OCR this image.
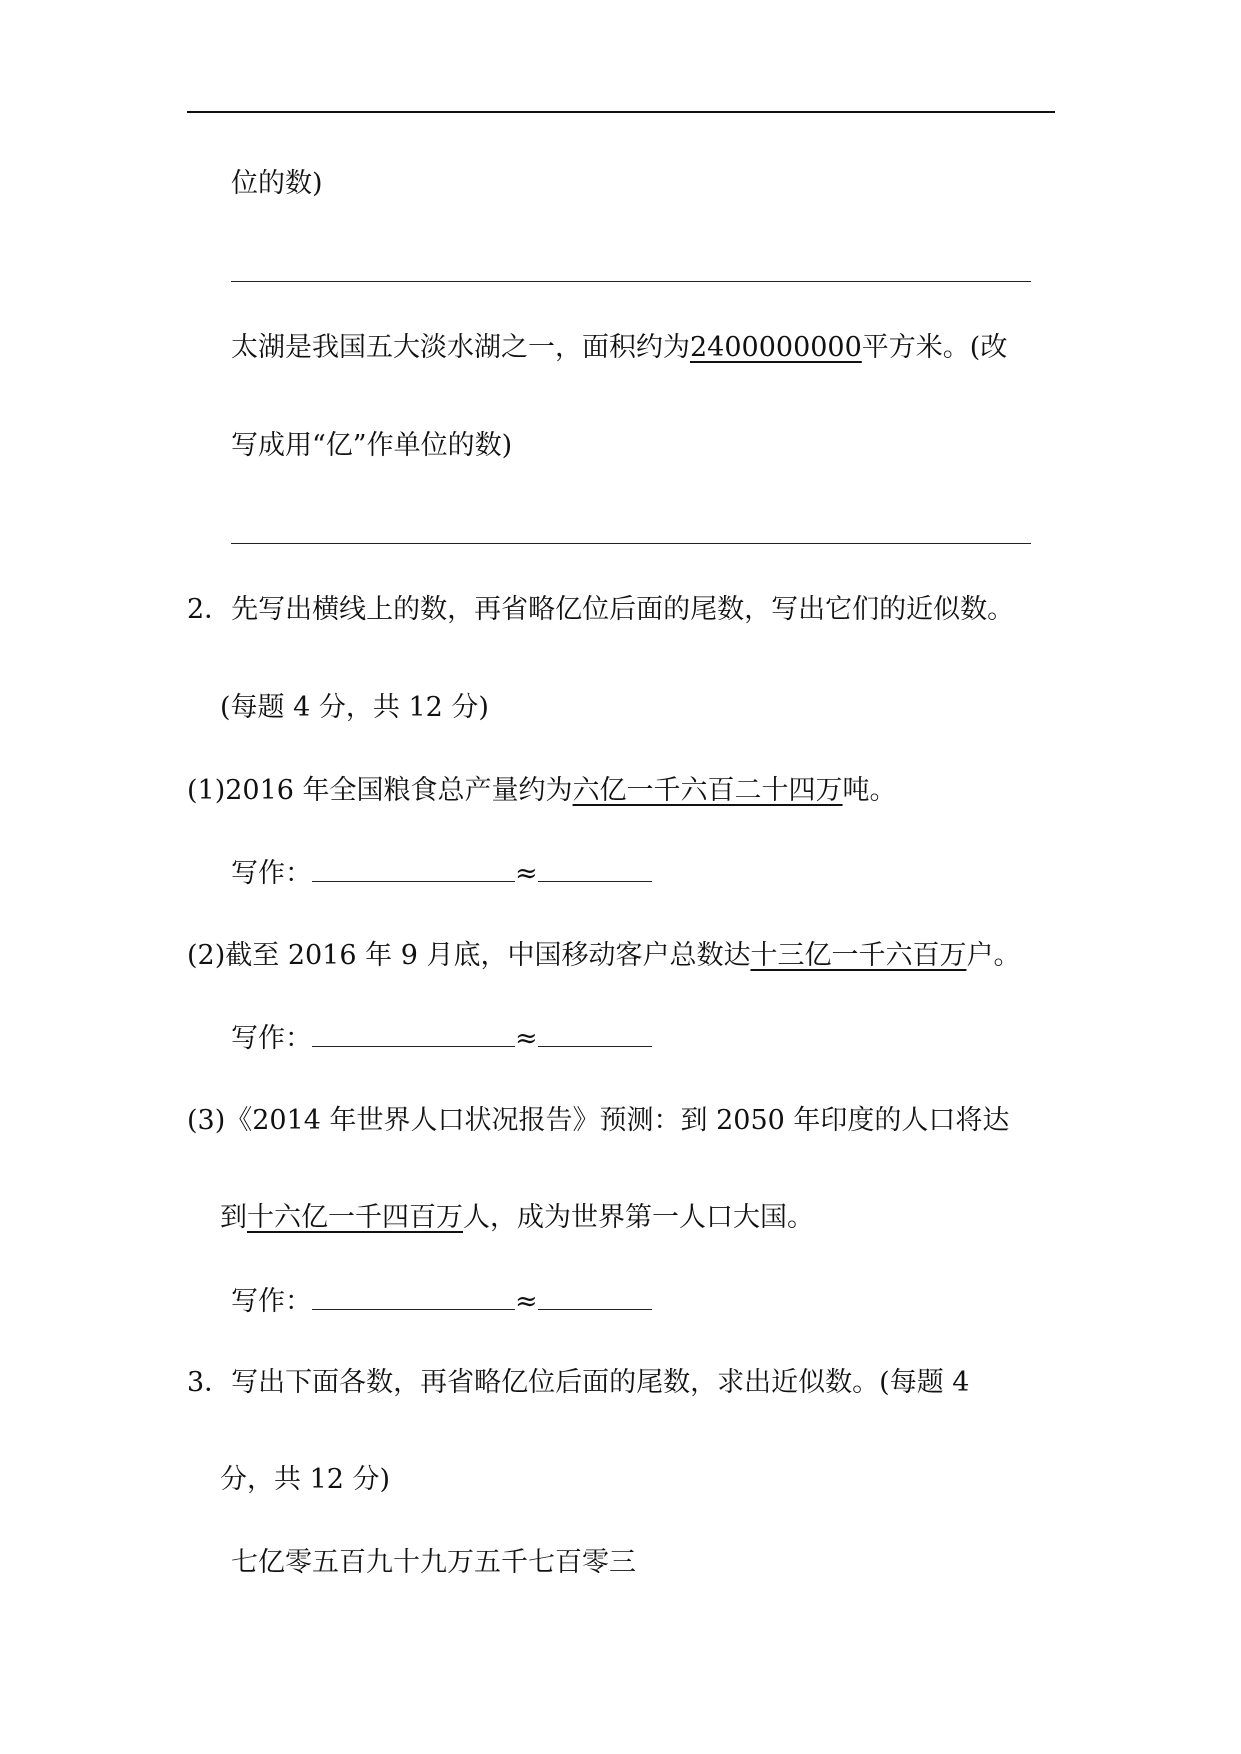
位的数)
太湖是我国五大淡水湖之一，面积约为2400000000平方米。(改
写成用“亿”作单位的数)
2．先写出横线上的数，再省略亿位后面的尾数，写出它们的近似数。
(每题 4 分，共 12 分)
(1)2016 年全国粮食总产量约为六亿一千六百二十四万吨。
写作：	≈
(2)截至 2016 年 9 月底，中国移动客户总数达十三亿一千六百万户。
写作：	≈
(3)《2014 年世界人口状况报告》预测：到 2050 年印度的人口将达
到十六亿一千四百万人，成为世界第一人口大国。
写作：	≈
3．写出下面各数，再省略亿位后面的尾数，求出近似数。(每题 4
分，共 12 分)
七亿零五百九十九万五千七百零三
